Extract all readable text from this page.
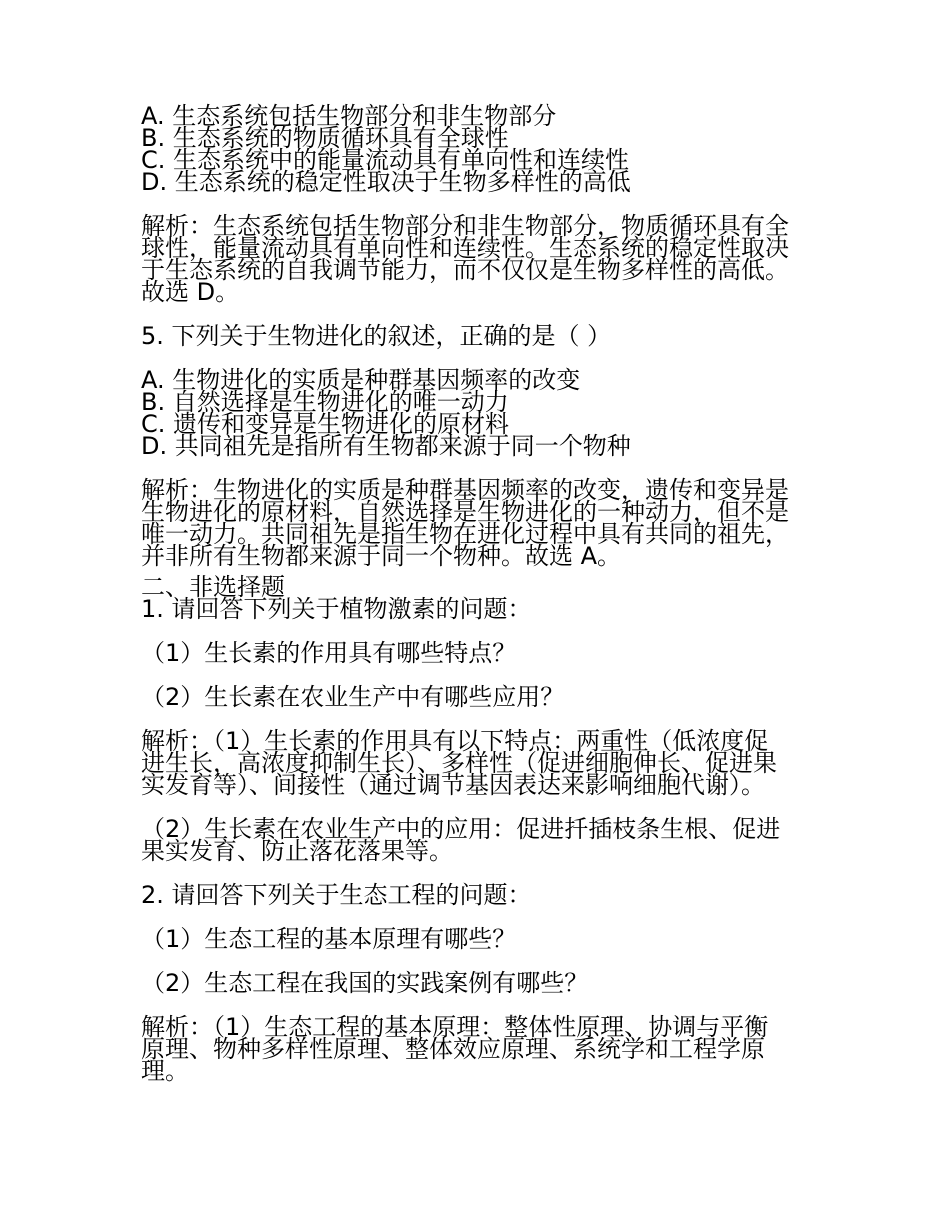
A. 生态系统包括生物部分和非生物部分

B. 生态系统的物质循环具有全球性

C. 生态系统中的能量流动具有单向性和连续性

D. 生态系统的稳定性取决于生物多样性的高低

解析：生态系统包括生物部分和非生物部分，物质循环具有全
球性，能量流动具有单向性和连续性。生态系统的稳定性取决
于生态系统的自我调节能力，而不仅仅是生物多样性的高低。
故选 D。

5. 下列关于生物进化的叙述，正确的是（ ）

A. 生物进化的实质是种群基因频率的改变

B. 自然选择是生物进化的唯一动力

C. 遗传和变异是生物进化的原材料

D. 共同祖先是指所有生物都来源于同一个物种

解析：生物进化的实质是种群基因频率的改变，遗传和变异是
生物进化的原材料，自然选择是生物进化的一种动力，但不是
唯一动力。共同祖先是指生物在进化过程中具有共同的祖先，
并非所有生物都来源于同一个物种。故选 A。

二、非选择题

1. 请回答下列关于植物激素的问题：

（1）生长素的作用具有哪些特点？

（2）生长素在农业生产中有哪些应用？

解析：（1）生长素的作用具有以下特点：两重性（低浓度促
进生长，高浓度抑制生长）、多样性（促进细胞伸长、促进果
实发育等）、间接性（通过调节基因表达来影响细胞代谢）。

（2）生长素在农业生产中的应用：促进扦插枝条生根、促进
果实发育、防止落花落果等。

2. 请回答下列关于生态工程的问题：

（1）生态工程的基本原理有哪些？

（2）生态工程在我国的实践案例有哪些？

解析：（1）生态工程的基本原理：整体性原理、协调与平衡
原理、物种多样性原理、整体效应原理、系统学和工程学原
理。
